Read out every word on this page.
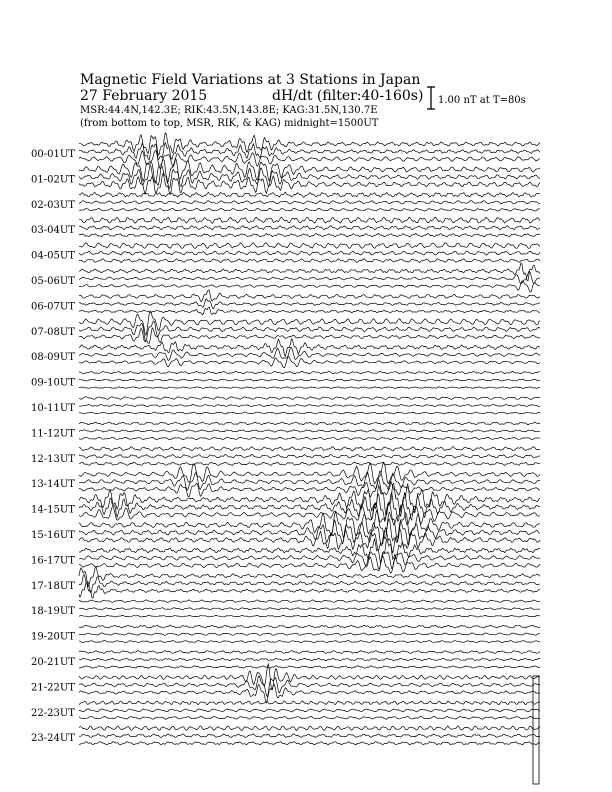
Magnetic Field Variations at 3 Stations in Japan
27 February 2015	dH/dt (filter:40-160s)
MSR:44.4N,142.3E; RIK:43.5N,143.8E; KAG:31.5N,130.7E
(from bottom to top, MSR, RIK, & KAG) midnight=1500UT
1.00 nT at T=80s
00-01UT
01-02UT
02-03UT
03-04UT
04-05UT
05-06UT
06-07UT
07-08UT
08-09UT
09-10UT
10-11UT
11-12UT
12-13UT
13-14UT
14-15UT
15-16UT
16-17UT
17-18UT
18-19UT
19-20UT
20-21UT
21-22UT
22-23UT
23-24UT
